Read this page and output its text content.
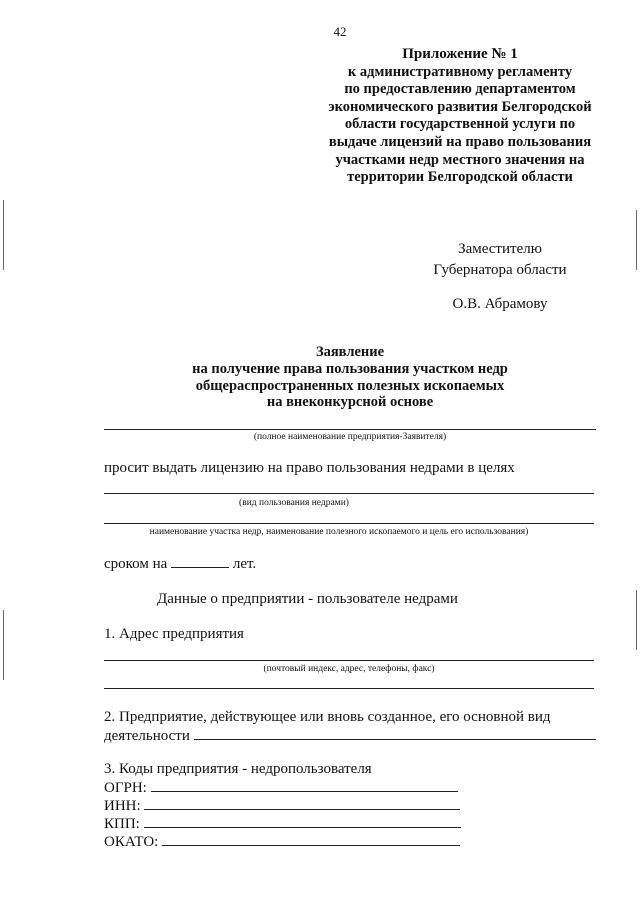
42
Приложение № 1
к административному регламенту
по предоставлению департаментом
экономического развития Белгородской
области государственной услуги по
выдаче лицензий на право пользования
участками недр местного значения на
территории Белгородской области
Заместителю
Губернатора области
О.В. Абрамову
Заявление
на получение права пользования участком недр
общераспространенных полезных ископаемых
на внеконкурсной основе
(полное наименование предприятия-Заявителя)
просит выдать лицензию на право пользования недрами в целях
(вид пользования недрами)
наименование участка недр, наименование полезного ископаемого и цель его использования)
сроком на	лет.
Данные о предприятии - пользователе недрами
1. Адрес предприятия
(почтовый индекс, адрес, телефоны, факс)
2. Предприятие, действующее или вновь созданное, его основной вид
деятельности
3. Коды предприятия - недропользователя
ОГРН:
ИНН:
КПП:
ОКАТО:
